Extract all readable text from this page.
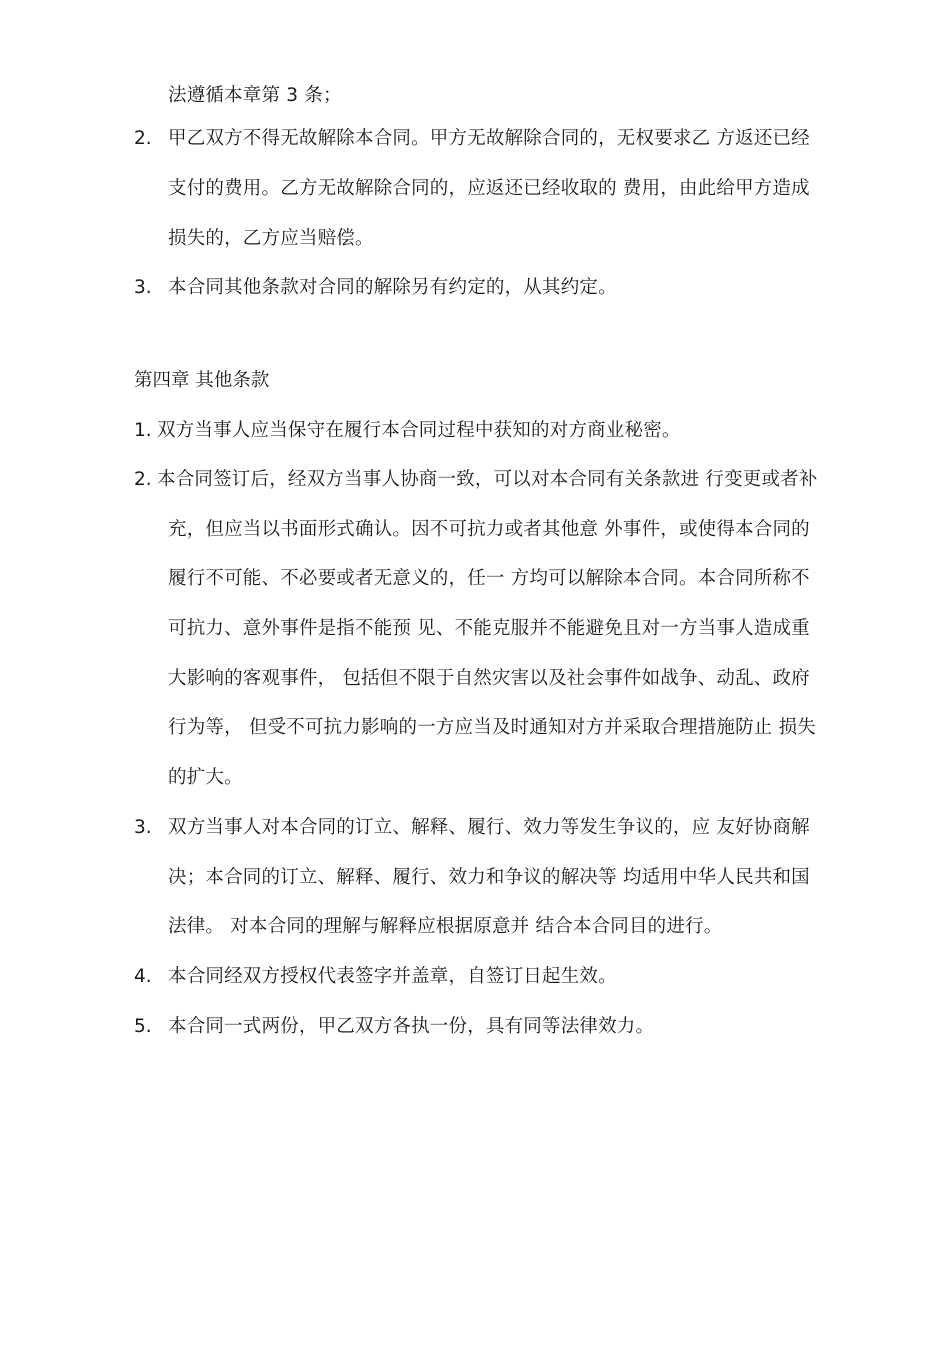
法遵循本章第 3 条；
2. 甲乙双方不得无故解除本合同。甲方无故解除合同的，无权要求乙 方返还已经
支付的费用。乙方无故解除合同的，应返还已经收取的 费用，由此给甲方造成
损失的，乙方应当赔偿。
3. 本合同其他条款对合同的解除另有约定的，从其约定。
第四章 其他条款
1. 双方当事人应当保守在履行本合同过程中获知的对方商业秘密。
2. 本合同签订后，经双方当事人协商一致，可以对本合同有关条款进 行变更或者补
充，但应当以书面形式确认。因不可抗力或者其他意 外事件，或使得本合同的
履行不可能、不必要或者无意义的，任一 方均可以解除本合同。本合同所称不
可抗力、意外事件是指不能预 见、不能克服并不能避免且对一方当事人造成重
大影响的客观事件， 包括但不限于自然灾害以及社会事件如战争、动乱、政府
行为等， 但受不可抗力影响的一方应当及时通知对方并采取合理措施防止 损失
的扩大。
3. 双方当事人对本合同的订立、解释、履行、效力等发生争议的，应 友好协商解
决；本合同的订立、解释、履行、效力和争议的解决等 均适用中华人民共和国
法律。 对本合同的理解与解释应根据原意并 结合本合同目的进行。
4. 本合同经双方授权代表签字并盖章，自签订日起生效。
5. 本合同一式两份，甲乙双方各执一份，具有同等法律效力。
